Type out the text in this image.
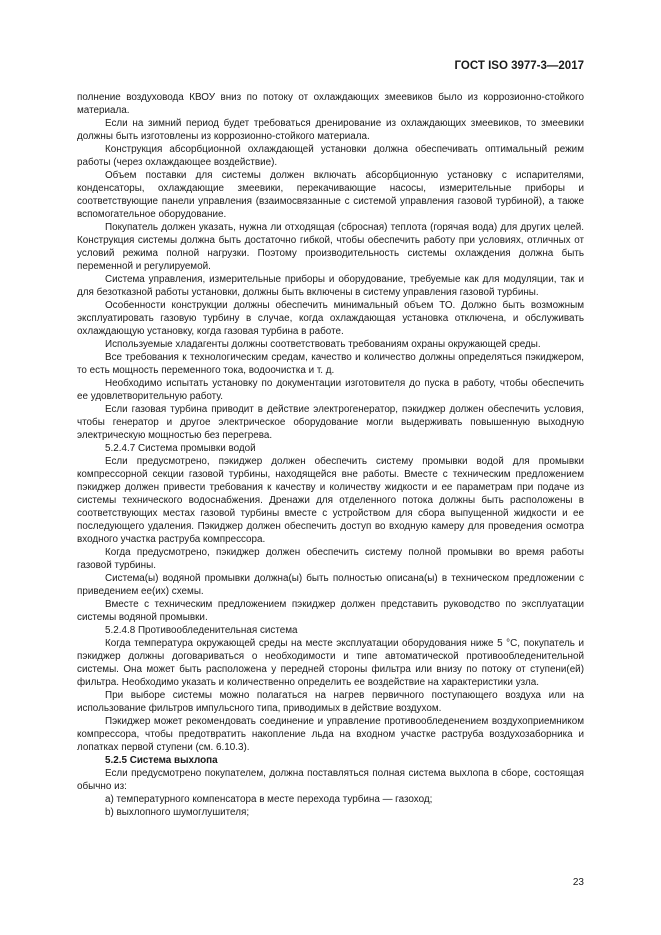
ГОСТ ISO 3977-3—2017

полнение воздуховода КВОУ вниз по потоку от охлаждающих змеевиков было из коррозионно-стойкого материала.

Если на зимний период будет требоваться дренирование из охлаждающих змеевиков, то змеевики должны быть изготовлены из коррозионно-стойкого материала.

Конструкция абсорбционной охлаждающей установки должна обеспечивать оптимальный режим работы (через охлаждающее воздействие).

Объем поставки для системы должен включать абсорбционную установку с испарителями, конденсаторы, охлаждающие змеевики, перекачивающие насосы, измерительные приборы и соответствующие панели управления (взаимосвязанные с системой управления газовой турбиной), а также вспомогательное оборудование.

Покупатель должен указать, нужна ли отходящая (сбросная) теплота (горячая вода) для других целей. Конструкция системы должна быть достаточно гибкой, чтобы обеспечить работу при условиях, отличных от условий режима полной нагрузки. Поэтому производительность системы охлаждения должна быть переменной и регулируемой.

Система управления, измерительные приборы и оборудование, требуемые как для модуляции, так и для безотказной работы установки, должны быть включены в систему управления газовой турбины.

Особенности конструкции должны обеспечить минимальный объем ТО. Должно быть возможным эксплуатировать газовую турбину в случае, когда охлаждающая установка отключена, и обслуживать охлаждающую установку, когда газовая турбина в работе.

Используемые хладагенты должны соответствовать требованиям охраны окружающей среды.

Все требования к технологическим средам, качество и количество должны определяться пэкиджером, то есть мощность переменного тока, водоочистка и т. д.

Необходимо испытать установку по документации изготовителя до пуска в работу, чтобы обеспечить ее удовлетворительную работу.

Если газовая турбина приводит в действие электрогенератор, пэкиджер должен обеспечить условия, чтобы генератор и другое электрическое оборудование могли выдерживать повышенную выходную электрическую мощностью без перегрева.

5.2.4.7 Система промывки водой

Если предусмотрено, пэкиджер должен обеспечить систему промывки водой для промывки компрессорной секции газовой турбины, находящейся вне работы. Вместе с техническим предложением пэкиджер должен привести требования к качеству и количеству жидкости и ее параметрам при подаче из системы технического водоснабжения. Дренажи для отделенного потока должны быть расположены в соответствующих местах газовой турбины вместе с устройством для сбора выпущенной жидкости и ее последующего удаления. Пэкиджер должен обеспечить доступ во входную камеру для проведения осмотра входного участка раструба компрессора.

Когда предусмотрено, пэкиджер должен обеспечить систему полной промывки во время работы газовой турбины.

Система(ы) водяной промывки должна(ы) быть полностью описана(ы) в техническом предложении с приведением ее(их) схемы.

Вместе с техническим предложением пэкиджер должен представить руководство по эксплуатации системы водяной промывки.

5.2.4.8 Противообледенительная система

Когда температура окружающей среды на месте эксплуатации оборудования ниже 5 °С, покупатель и пэкиджер должны договариваться о необходимости и типе автоматической противообледенительной системы. Она может быть расположена у передней стороны фильтра или внизу по потоку от ступени(ей) фильтра. Необходимо указать и количественно определить ее воздействие на характеристики узла.

При выборе системы можно полагаться на нагрев первичного поступающего воздуха или на использование фильтров импульсного типа, приводимых в действие воздухом.

Пэкиджер может рекомендовать соединение и управление противообледенением воздухоприемником компрессора, чтобы предотвратить накопление льда на входном участке раструба воздухозаборника и лопатках первой ступени (см. 6.10.3).

5.2.5 Система выхлопа

Если предусмотрено покупателем, должна поставляться полная система выхлопа в сборе, состоящая обычно из:

a) температурного компенсатора в месте перехода турбина — газоход;

b) выхлопного шумоглушителя;

23
